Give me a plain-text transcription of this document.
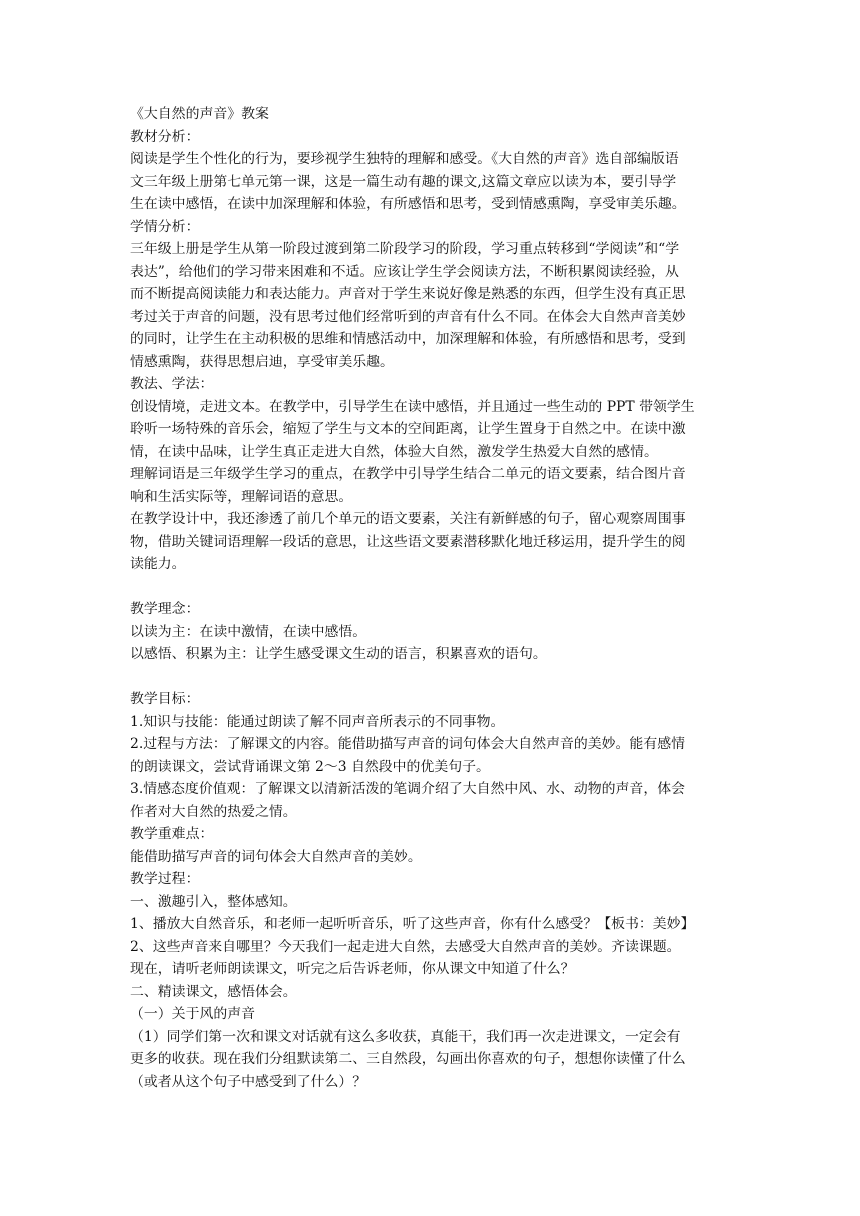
《大自然的声音》教案
教材分析：
阅读是学生个性化的行为，要珍视学生独特的理解和感受。《大自然的声音》选自部编版语
文三年级上册第七单元第一课，这是一篇生动有趣的课文,这篇文章应以读为本，要引导学
生在读中感悟，在读中加深理解和体验，有所感悟和思考，受到情感熏陶，享受审美乐趣。
学情分析：
三年级上册是学生从第一阶段过渡到第二阶段学习的阶段，学习重点转移到“学阅读”和“学
表达”，给他们的学习带来困难和不适。应该让学生学会阅读方法，不断积累阅读经验，从
而不断提高阅读能力和表达能力。声音对于学生来说好像是熟悉的东西，但学生没有真正思
考过关于声音的问题，没有思考过他们经常听到的声音有什么不同。在体会大自然声音美妙
的同时，让学生在主动积极的思维和情感活动中，加深理解和体验，有所感悟和思考，受到
情感熏陶，获得思想启迪，享受审美乐趣。
教法、学法：
创设情境，走进文本。在教学中，引导学生在读中感悟，并且通过一些生动的 PPT 带领学生
聆听一场特殊的音乐会，缩短了学生与文本的空间距离，让学生置身于自然之中。在读中激
情，在读中品味，让学生真正走进大自然，体验大自然，激发学生热爱大自然的感情。
理解词语是三年级学生学习的重点，在教学中引导学生结合二单元的语文要素，结合图片音
响和生活实际等，理解词语的意思。
在教学设计中，我还渗透了前几个单元的语文要素，关注有新鲜感的句子，留心观察周围事
物，借助关键词语理解一段话的意思，让这些语文要素潜移默化地迁移运用，提升学生的阅
读能力。
教学理念：
以读为主：在读中激情，在读中感悟。
以感悟、积累为主：让学生感受课文生动的语言，积累喜欢的语句。
教学目标：
1.知识与技能：能通过朗读了解不同声音所表示的不同事物。
2.过程与方法：了解课文的内容。能借助描写声音的词句体会大自然声音的美妙。能有感情
的朗读课文，尝试背诵课文第 2～3 自然段中的优美句子。
3.情感态度价值观：了解课文以清新活泼的笔调介绍了大自然中风、水、动物的声音，体会
作者对大自然的热爱之情。
教学重难点：
能借助描写声音的词句体会大自然声音的美妙。
教学过程：
一、激趣引入，整体感知。
1、播放大自然音乐，和老师一起听听音乐，听了这些声音，你有什么感受？【板书：美妙】
2、这些声音来自哪里？今天我们一起走进大自然，去感受大自然声音的美妙。齐读课题。
现在，请听老师朗读课文，听完之后告诉老师，你从课文中知道了什么？
二、精读课文，感悟体会。
（一）关于风的声音
（1）同学们第一次和课文对话就有这么多收获，真能干，我们再一次走进课文，一定会有
更多的收获。现在我们分组默读第二、三自然段，勾画出你喜欢的句子，想想你读懂了什么
（或者从这个句子中感受到了什么）？
